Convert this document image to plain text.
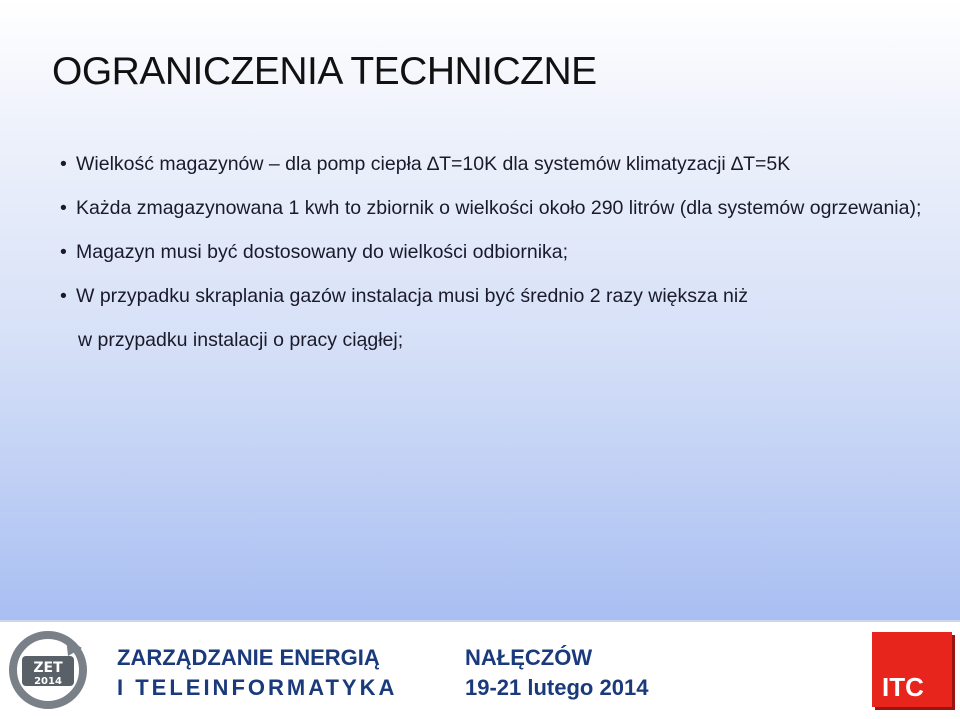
OGRANICZENIA TECHNICZNE
• Wielkość magazynów – dla pomp ciepła ∆T=10K dla systemów klimatyzacji ∆T=5K
• Każda zmagazynowana 1 kwh to zbiornik o wielkości około 290 litrów (dla systemów ogrzewania);
• Magazyn musi być dostosowany do wielkości odbiornika;
• W przypadku skraplania gazów instalacja musi być średnio 2 razy większa niż
w przypadku instalacji o pracy ciągłej;
ZET
2014
ZARZĄDZANIE ENERGIĄ
I TELEINFORMATYKA
NAŁĘCZÓW
19-21 lutego 2014	ITC
